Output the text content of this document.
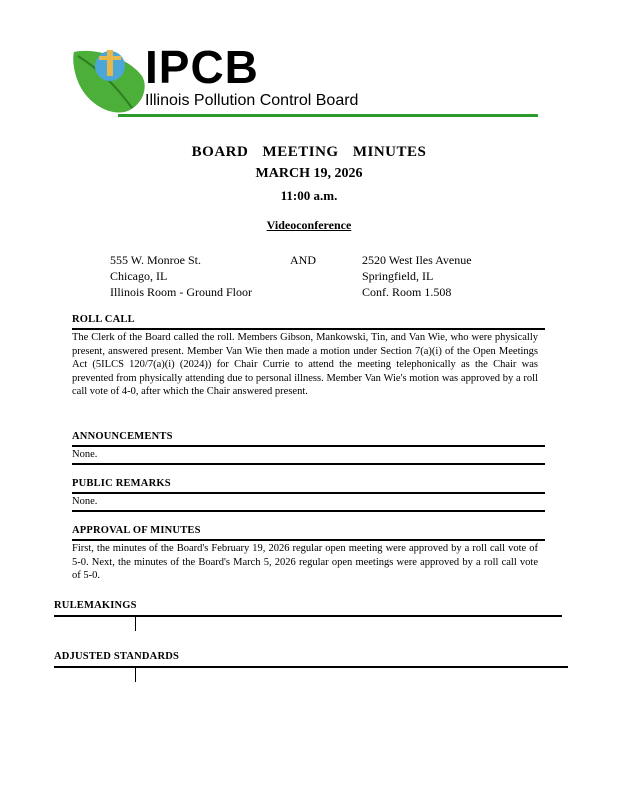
IPCB
Illinois Pollution Control Board
BOARD MEETING MINUTES
MARCH 19, 2026
11:00 a.m.
Videoconference
555 W. Monroe St.
Chicago, IL
Illinois Room - Ground Floor
AND	2520 West Iles Avenue
Springfield, IL
Conf. Room 1.508
ROLL CALL
The Clerk of the Board called the roll. Members Gibson, Mankowski, Tin, and Van Wie, who were physically present, answered present. Member Van Wie then made a motion under Section 7(a)(i) of the Open Meetings Act (5ILCS 120/7(a)(i) (2024)) for Chair Currie to attend the meeting telephonically as the Chair was prevented from physically attending due to personal illness. Member Van Wie's motion was approved by a roll call vote of 4-0, after which the Chair answered present.
ANNOUNCEMENTS
None.
PUBLIC REMARKS
None.
APPROVAL OF MINUTES
First, the minutes of the Board's February 19, 2026 regular open meeting were approved by a roll call vote of 5-0. Next, the minutes of the Board's March 5, 2026 regular open meetings were approved by a roll call vote of 5-0.
RULEMAKINGS
ADJUSTED STANDARDS
